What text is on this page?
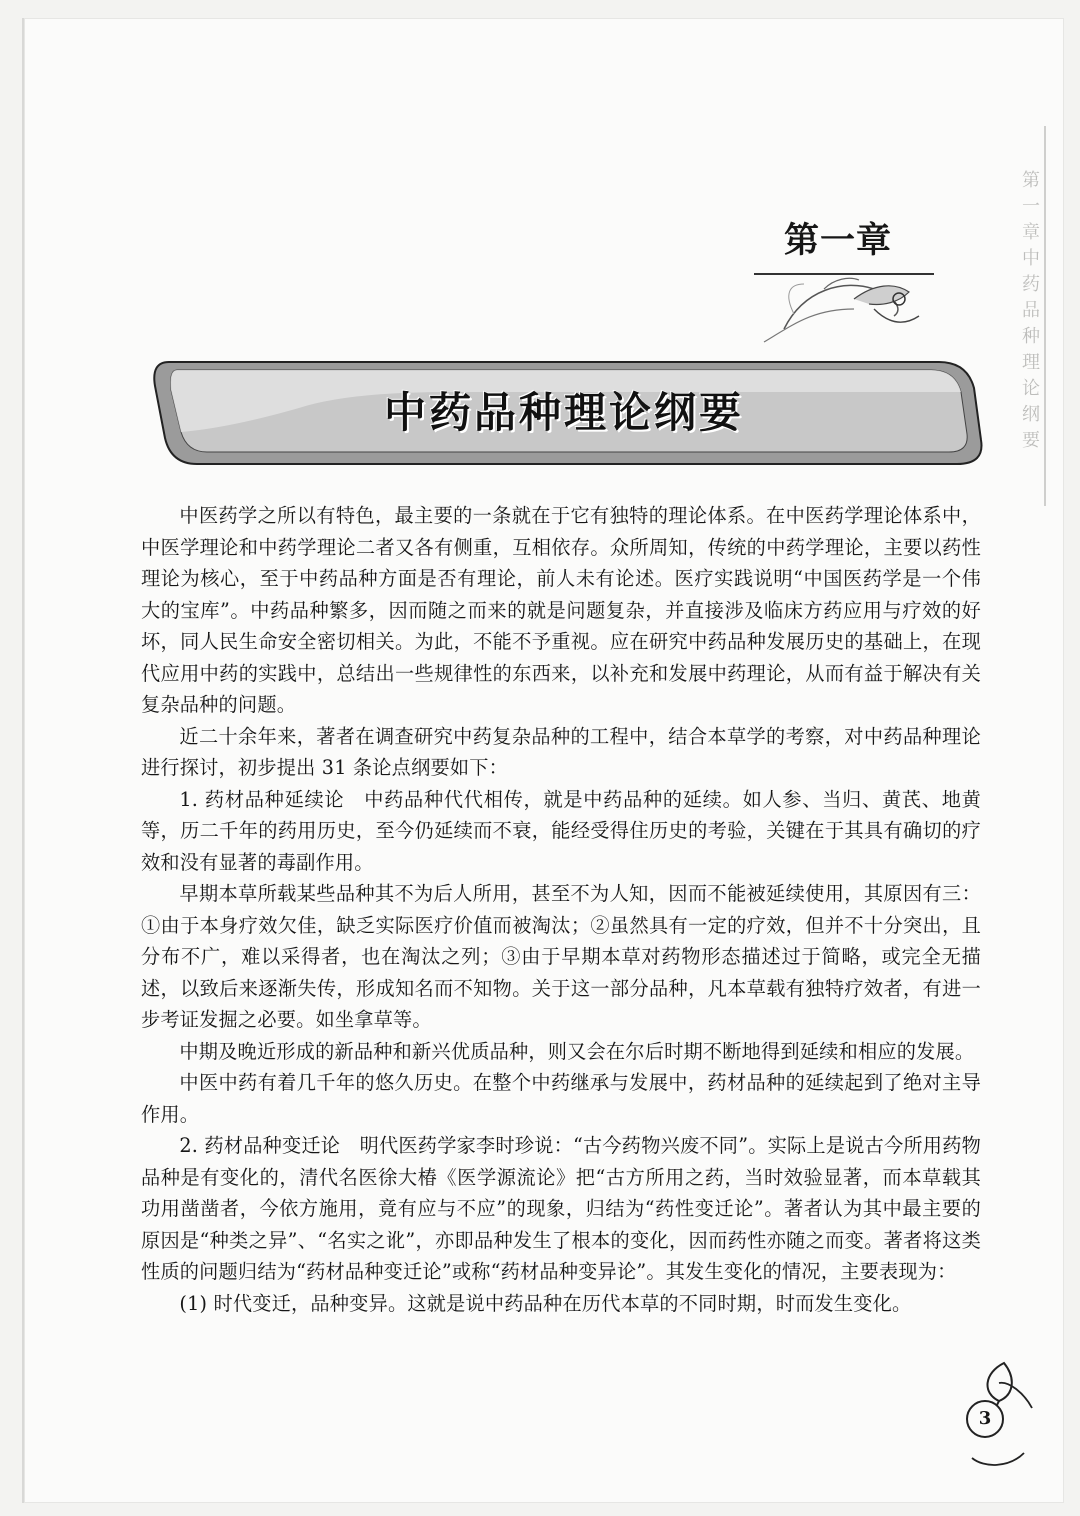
第一章 中药品种理论纲要
第一章
中药品种理论纲要

中医药学之所以有特色，最主要的一条就在于它有独特的理论体系。在中医药学理论体系中，中医学理论和中药学理论二者又各有侧重，互相依存。众所周知，传统的中药学理论，主要以药性理论为核心，至于中药品种方面是否有理论，前人未有论述。医疗实践说明“中国医药学是一个伟大的宝库”。中药品种繁多，因而随之而来的就是问题复杂，并直接涉及临床方药应用与疗效的好坏，同人民生命安全密切相关。为此，不能不予重视。应在研究中药品种发展历史的基础上，在现代应用中药的实践中，总结出一些规律性的东西来，以补充和发展中药理论，从而有益于解决有关复杂品种的问题。

近二十余年来，著者在调查研究中药复杂品种的工程中，结合本草学的考察，对中药品种理论进行探讨，初步提出 31 条论点纲要如下：

1. 药材品种延续论　中药品种代代相传，就是中药品种的延续。如人参、当归、黄芪、地黄等，历二千年的药用历史，至今仍延续而不衰，能经受得住历史的考验，关键在于其具有确切的疗效和没有显著的毒副作用。

早期本草所载某些品种其不为后人所用，甚至不为人知，因而不能被延续使用，其原因有三：①由于本身疗效欠佳，缺乏实际医疗价值而被淘汰；②虽然具有一定的疗效，但并不十分突出，且分布不广，难以采得者，也在淘汰之列；③由于早期本草对药物形态描述过于简略，或完全无描述，以致后来逐渐失传，形成知名而不知物。关于这一部分品种，凡本草载有独特疗效者，有进一步考证发掘之必要。如坐拿草等。

中期及晚近形成的新品种和新兴优质品种，则又会在尔后时期不断地得到延续和相应的发展。

中医中药有着几千年的悠久历史。在整个中药继承与发展中，药材品种的延续起到了绝对主导作用。

2. 药材品种变迁论　明代医药学家李时珍说：“古今药物兴废不同”。实际上是说古今所用药物品种是有变化的，清代名医徐大椿《医学源流论》把“古方所用之药，当时效验显著，而本草载其功用凿凿者，今依方施用，竟有应与不应”的现象，归结为“药性变迁论”。著者认为其中最主要的原因是“种类之异”、“名实之讹”，亦即品种发生了根本的变化，因而药性亦随之而变。著者将这类性质的问题归结为“药材品种变迁论”或称“药材品种变异论”。其发生变化的情况，主要表现为：

(1) 时代变迁，品种变异。这就是说中药品种在历代本草的不同时期，时而发生变化。

3
